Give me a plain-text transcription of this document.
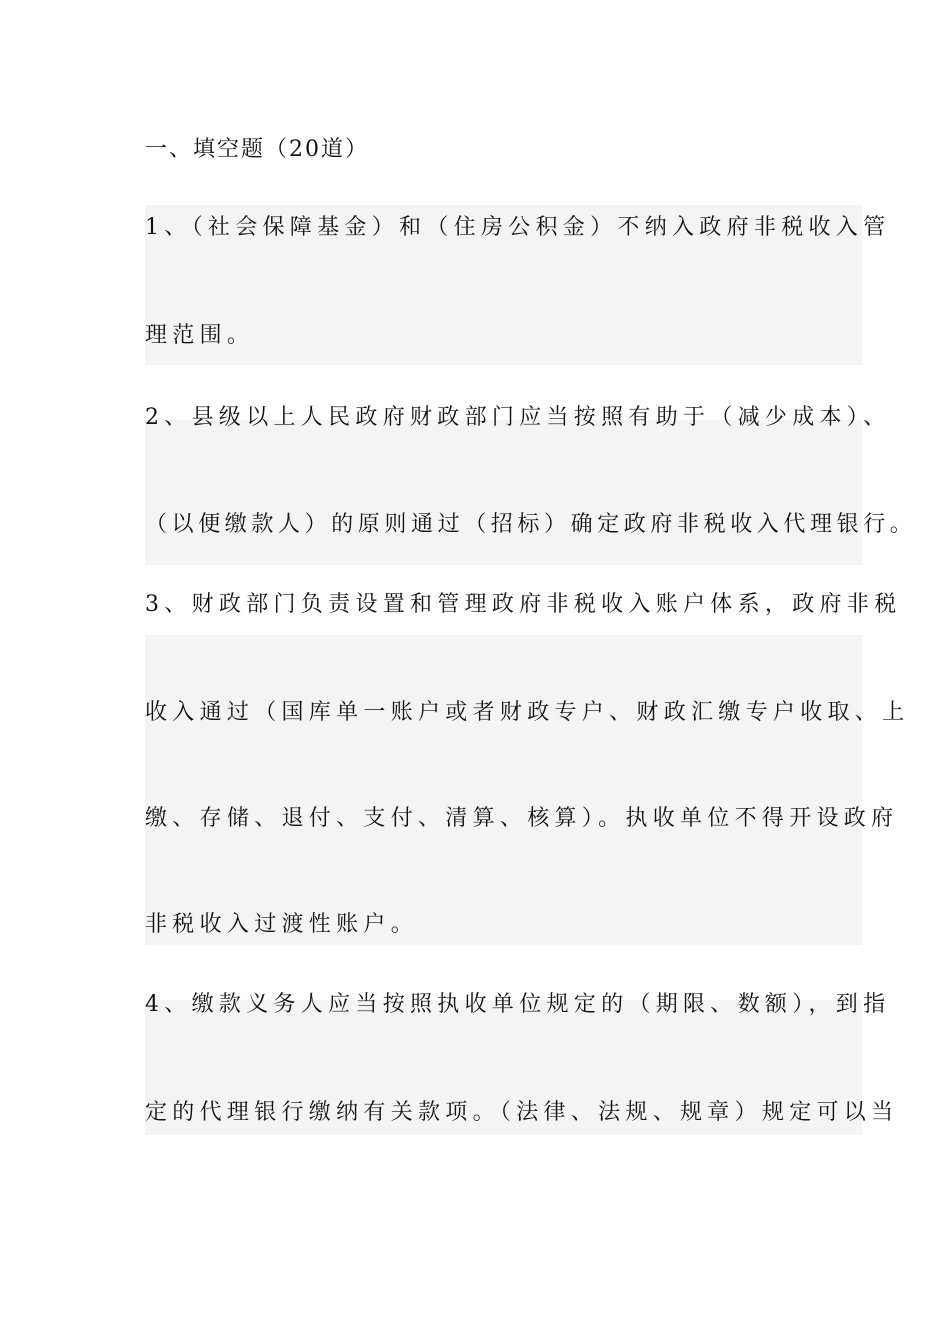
一、填空题（20道）
1、（社会保障基金）和（住房公积金）不纳入政府非税收入管
理范围。
2、县级以上人民政府财政部门应当按照有助于（减少成本）、
（以便缴款人）的原则通过（招标）确定政府非税收入代理银行。
3、财政部门负责设置和管理政府非税收入账户体系，政府非税
收入通过（国库单一账户或者财政专户、财政汇缴专户收取、上
缴、存储、退付、支付、清算、核算）。执收单位不得开设政府
非税收入过渡性账户。
4、缴款义务人应当按照执收单位规定的（期限、数额），到指
定的代理银行缴纳有关款项。（法律、法规、规章）规定可以当
